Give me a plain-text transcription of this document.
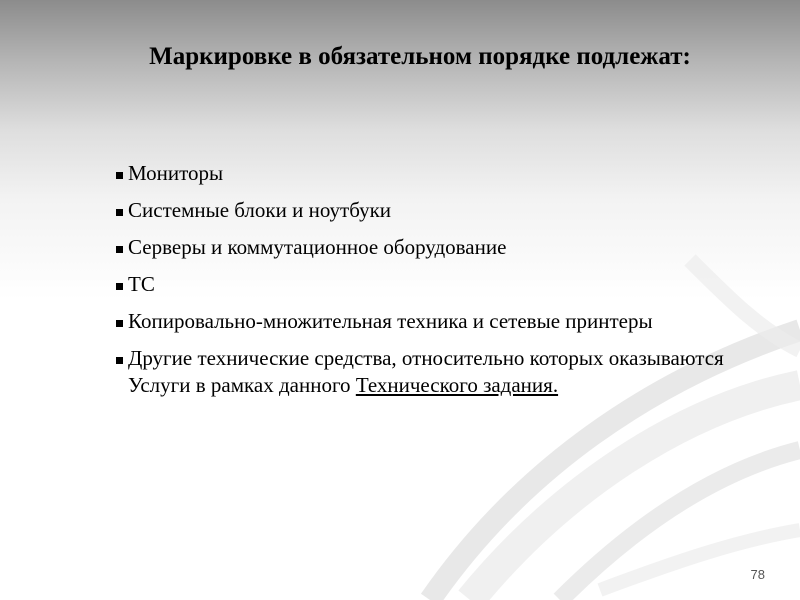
Маркировке в обязательном порядке подлежат:
Мониторы
Системные блоки и ноутбуки
Серверы и коммутационное оборудование
ТС
Копировально-множительная техника и сетевые принтеры
Другие технические средства, относительно которых оказываются Услуги в рамках данного Технического задания.
78
